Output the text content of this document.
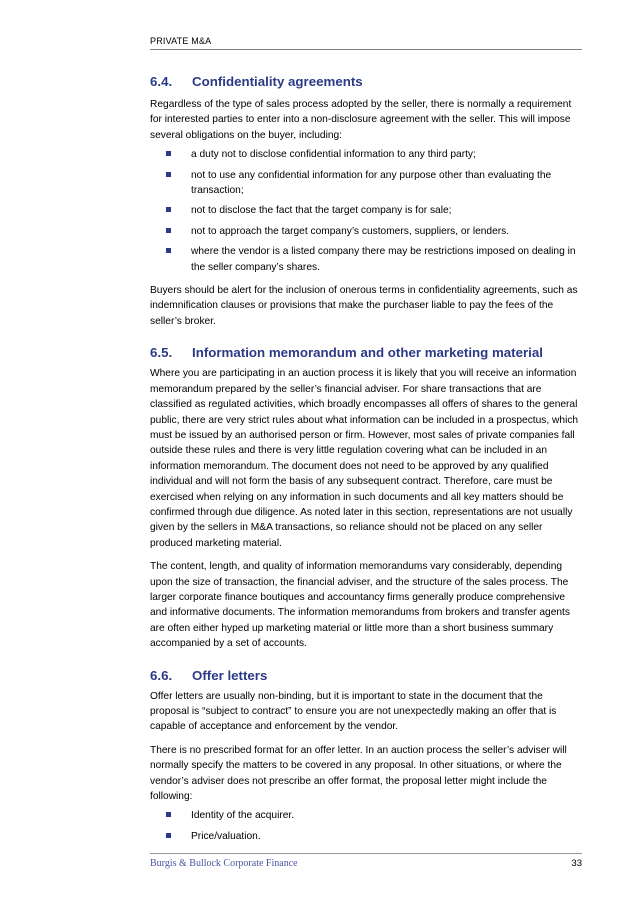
PRIVATE M&A
6.4.	Confidentiality agreements

Regardless of the type of sales process adopted by the seller, there is normally a requirement for interested parties to enter into a non-disclosure agreement with the seller. This will impose several obligations on the buyer, including:

a duty not to disclose confidential information to any third party;
not to use any confidential information for any purpose other than evaluating the transaction;
not to disclose the fact that the target company is for sale;
not to approach the target company’s customers, suppliers, or lenders.
where the vendor is a listed company there may be restrictions imposed on dealing in the seller company’s shares.

Buyers should be alert for the inclusion of onerous terms in confidentiality agreements, such as indemnification clauses or provisions that make the purchaser liable to pay the fees of the seller’s broker.

6.5.	Information memorandum and other marketing material

Where you are participating in an auction process it is likely that you will receive an information memorandum prepared by the seller’s financial adviser. For share transactions that are classified as regulated activities, which broadly encompasses all offers of shares to the general public, there are very strict rules about what information can be included in a prospectus, which must be issued by an authorised person or firm. However, most sales of private companies fall outside these rules and there is very little regulation covering what can be included in an information memorandum. The document does not need to be approved by any qualified individual and will not form the basis of any subsequent contract. Therefore, care must be exercised when relying on any information in such documents and all key matters should be confirmed through due diligence. As noted later in this section, representations are not usually given by the sellers in M&A transactions, so reliance should not be placed on any seller produced marketing material.

The content, length, and quality of information memorandums vary considerably, depending upon the size of transaction, the financial adviser, and the structure of the sales process. The larger corporate finance boutiques and accountancy firms generally produce comprehensive and informative documents. The information memorandums from brokers and transfer agents are often either hyped up marketing material or little more than a short business summary accompanied by a set of accounts.

6.6.	Offer letters

Offer letters are usually non-binding, but it is important to state in the document that the proposal is “subject to contract” to ensure you are not unexpectedly making an offer that is capable of acceptance and enforcement by the vendor.

There is no prescribed format for an offer letter. In an auction process the seller’s adviser will normally specify the matters to be covered in any proposal. In other situations, or where the vendor’s adviser does not prescribe an offer format, the proposal letter might include the following:

Identity of the acquirer.
Price/valuation.
Burgis & Bullock Corporate Finance	33
